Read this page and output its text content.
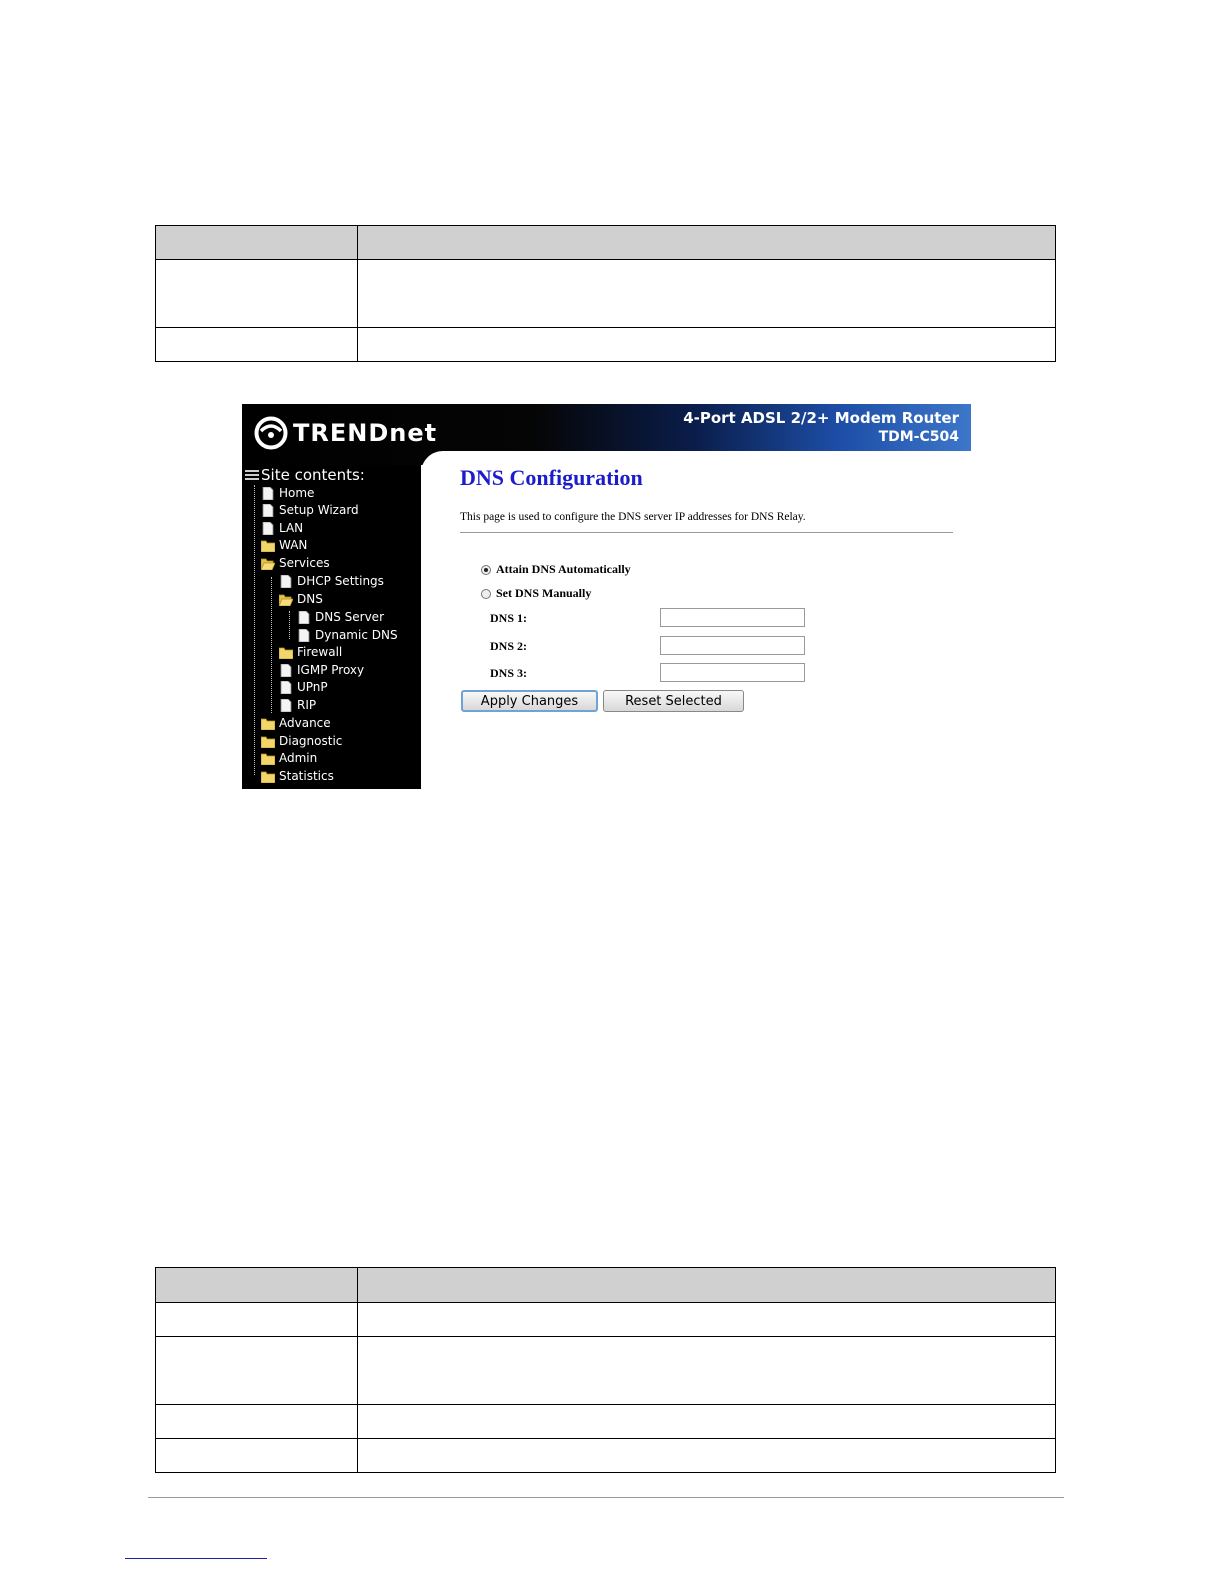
TRENDnet
4-Port ADSL 2/2+ Modem Router
TDM-C504
Site contents:
Home
Setup Wizard
LAN
WAN
Services
DHCP Settings
DNS
DNS Server
Dynamic DNS
Firewall
IGMP Proxy
UPnP
RIP
Advance
Diagnostic
Admin
Statistics
DNS Configuration
This page is used to configure the DNS server IP addresses for DNS Relay.
Attain DNS Automatically
Set DNS Manually
DNS 1:
DNS 2:
DNS 3:
Apply Changes	Reset Selected
